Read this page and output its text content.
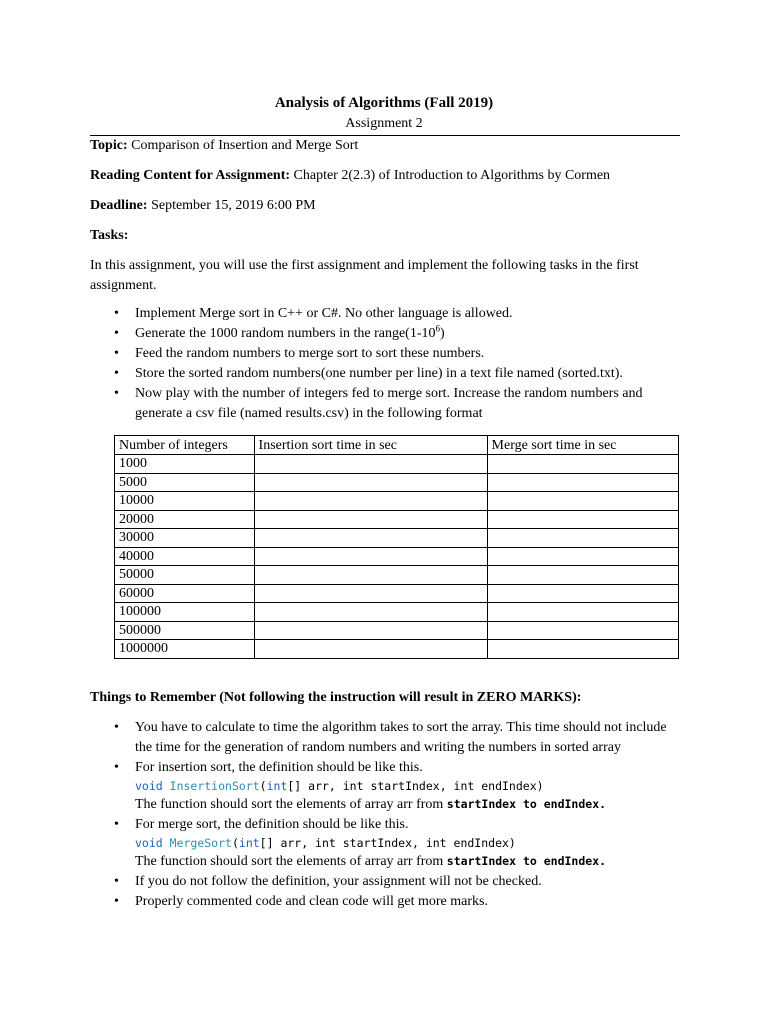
Analysis of Algorithms (Fall 2019)
Assignment 2
Topic: Comparison of Insertion and Merge Sort
Reading Content for Assignment: Chapter 2(2.3) of Introduction to Algorithms by Cormen
Deadline: September 15, 2019 6:00 PM
Tasks:
In this assignment, you will use the first assignment and implement the following tasks in the first assignment.
• Implement Merge sort in C++ or C#. No other language is allowed.
• Generate the 1000 random numbers in the $range(1-10^6)$
• Feed the random numbers to merge sort to sort these numbers.
• Store the sorted random numbers(one number per line) in a text file named (sorted.txt).
• Now play with the number of integers fed to merge sort. Increase the random numbers and generate a csv file (named results.csv) in the following format
Number of integers	Insertion sort time in sec	Merge sort time in sec
1000		
5000		
10000		
20000		
30000		
40000		
50000		
60000		
100000		
500000		
1000000		
Things to Remember (Not following the instruction will result in ZERO MARKS):
• You have to calculate to time the algorithm takes to sort the array. This time should not include the time for the generation of random numbers and writing the numbers in sorted array
• For insertion sort, the definition should be like this.
void InsertionSort(int[] arr, int startIndex, int endIndex)
The function should sort the elements of array arr from startIndex to endIndex.
• For merge sort, the definition should be like this.
void MergeSort(int[] arr, int startIndex, int endIndex)
The function should sort the elements of array arr from startIndex to endIndex.
• If you do not follow the definition, your assignment will not be checked.
• Properly commented code and clean code will get more marks.
